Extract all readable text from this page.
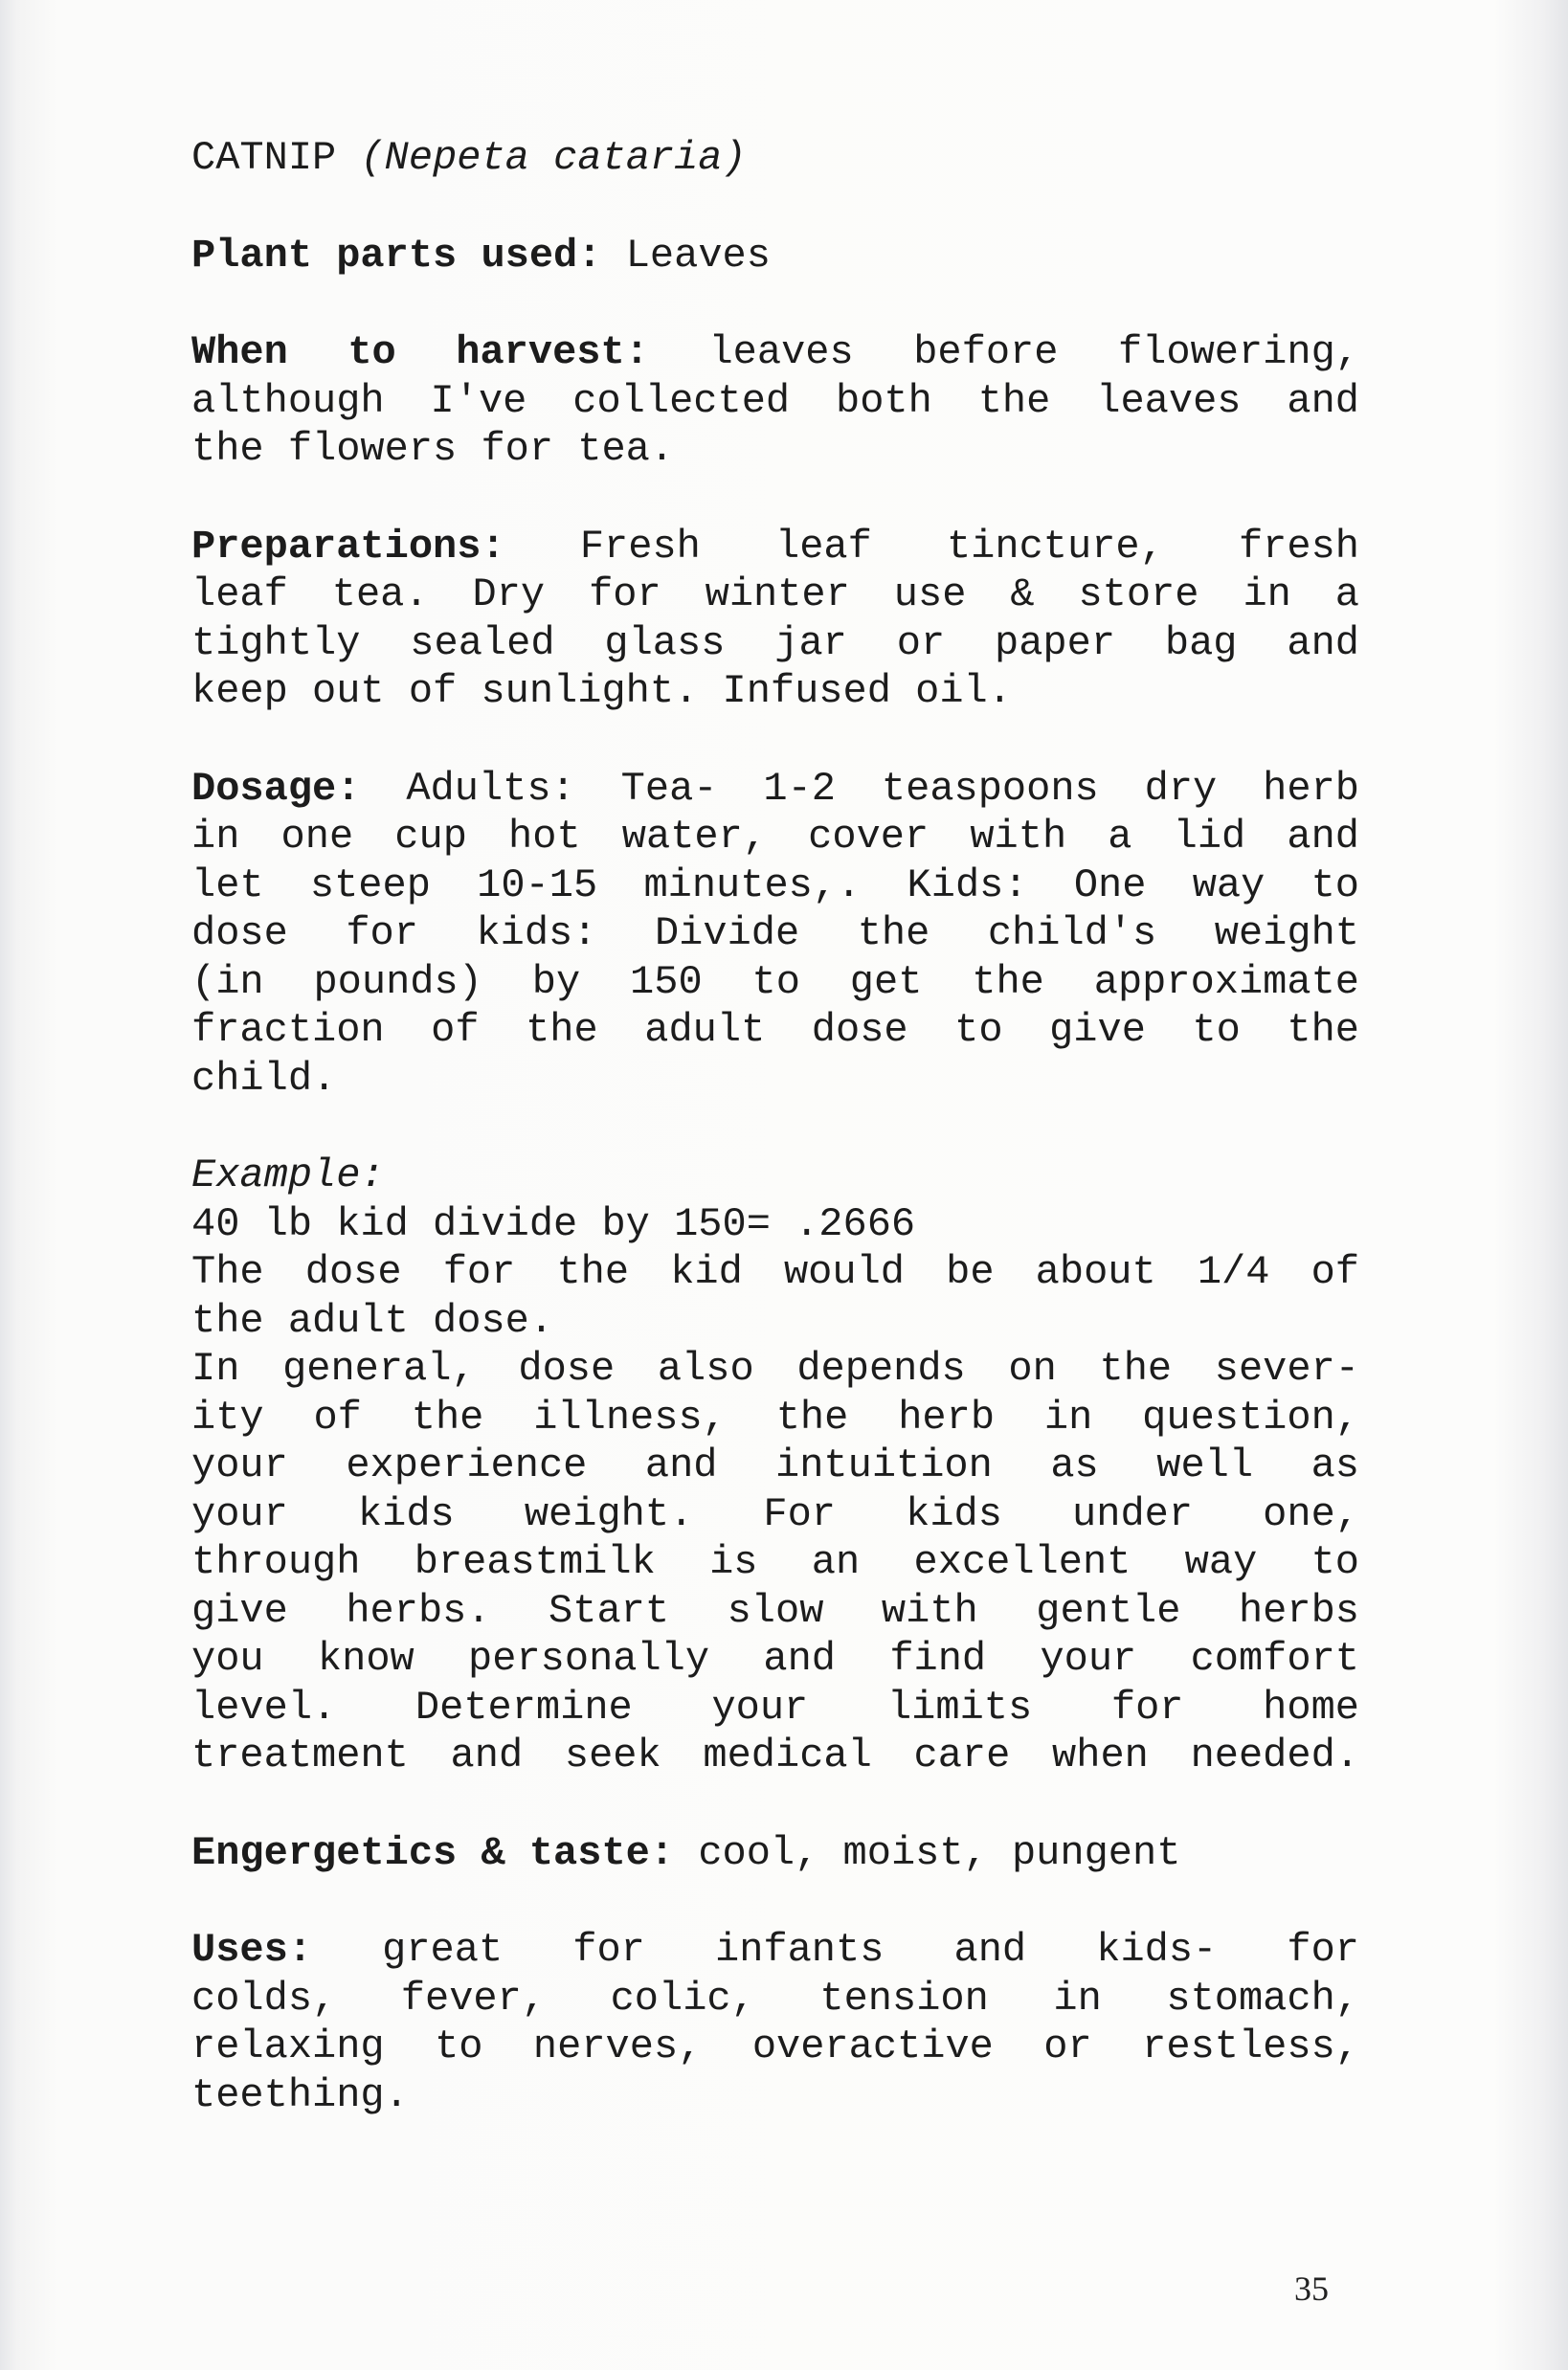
CATNIP (Nepeta cataria)
Plant parts used: Leaves
When to harvest: leaves before flowering,
although I've collected both the leaves and
the flowers for tea.
Preparations: Fresh leaf tincture, fresh
leaf tea. Dry for winter use & store in a
tightly sealed glass jar or paper bag and
keep out of sunlight. Infused oil.
Dosage: Adults: Tea- 1-2 teaspoons dry herb
in one cup hot water, cover with a lid and
let steep 10-15 minutes,. Kids: One way to
dose for kids: Divide the child's weight
(in pounds) by 150 to get the approximate
fraction of the adult dose to give to the
child.
Example:
40 lb kid divide by 150= .2666
The dose for the kid would be about 1/4 of
the adult dose.
In general, dose also depends on the sever-
ity of the illness, the herb in question,
your experience and intuition as well as
your kids weight. For kids under one,
through breastmilk is an excellent way to
give herbs. Start slow with gentle herbs
you know personally and find your comfort
level. Determine your limits for home
treatment and seek medical care when needed.
Engergetics & taste: cool, moist, pungent
Uses: great for infants and kids- for
colds, fever, colic, tension in stomach,
relaxing to nerves, overactive or restless,
teething.
35
